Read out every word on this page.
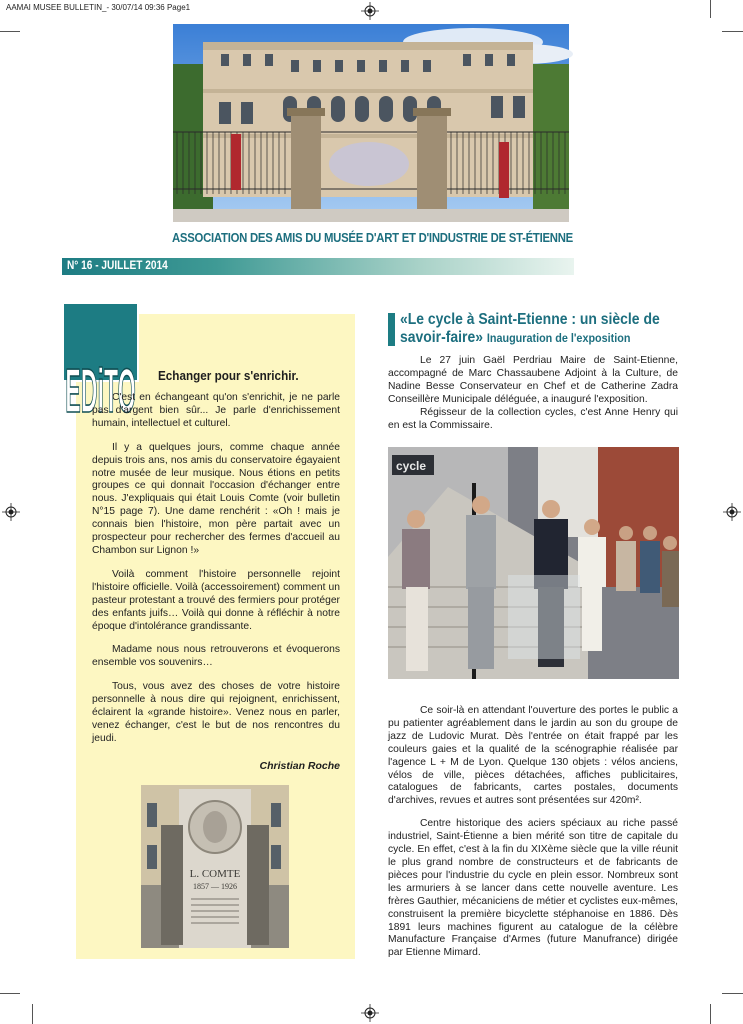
AAMAI MUSEE BULLETIN_- 30/07/14 09:36 Page1
ASSOCIATION DES AMIS DU MUSÉE D'ART ET D'INDUSTRIE DE ST-ÉTIENNE
N° 16 - JUILLET 2014
EDiTO Echanger pour s'enrichir.

C'est en échangeant qu'on s'enrichit, je ne parle pas d'argent bien sûr... Je parle d'enrichissement humain, intellectuel et culturel.

Il y a quelques jours, comme chaque année depuis trois ans, nos amis du conservatoire égayaient notre musée de leur musique. Nous étions en petits groupes ce qui donnait l'occasion d'échanger entre nous. J'expliquais qui était Louis Comte (voir bulletin N°15 page 7). Une dame renchérit : «Oh ! mais je connais bien l'histoire, mon père partait avec un prospecteur pour rechercher des fermes d'accueil au Chambon sur Lignon !»

Voilà comment l'histoire personnelle rejoint l'histoire officielle. Voilà (accessoirement) comment un pasteur protestant a trouvé des fermiers pour protéger des enfants juifs… Voilà qui donne à réfléchir à notre époque d'intolérance grandissante.

Madame nous nous retrouverons et évoquerons ensemble vos souvenirs…

Tous, vous avez des choses de votre histoire personnelle à nous dire qui rejoignent, enrichissent, éclairent la «grande histoire». Venez nous en parler, venez échanger, c'est le but de nos rencontres du jeudi.

Christian Roche
L. COMTE
1857 — 1926
«Le cycle à Saint-Etienne : un siècle de savoir-faire» Inauguration de l'exposition

Le 27 juin Gaël Perdriau Maire de Saint-Etienne, accompagné de Marc Chassaubene Adjoint à la Culture, de Nadine Besse Conservateur en Chef et de Catherine Zadra Conseillère Municipale déléguée, a inauguré l'exposition.

Régisseur de la collection cycles, c'est Anne Henry qui en est la Commissaire.

cycle

Ce soir-là en attendant l'ouverture des portes le public a pu patienter agréablement dans le jardin au son du groupe de jazz de Ludovic Murat. Dès l'entrée on était frappé par les couleurs gaies et la qualité de la scénographie réalisée par l'agence L + M de Lyon. Quelque 130 objets : vélos anciens, vélos de ville, pièces détachées, affiches publicitaires, catalogues de fabricants, cartes postales, documents d'archives, revues et autres sont présentées sur 420m².

Centre historique des aciers spéciaux au riche passé industriel, Saint-Étienne a bien mérité son titre de capitale du cycle. En effet, c'est à la fin du XIXème siècle que la ville réunit le plus grand nombre de constructeurs et de fabricants de pièces pour l'industrie du cycle en plein essor. Nombreux sont les armuriers à se lancer dans cette nouvelle aventure. Les frères Gauthier, mécaniciens de métier et cyclistes eux-mêmes, construisent la première bicyclette stéphanoise en 1886. Dès 1891 leurs machines figurent au catalogue de la célèbre Manufacture Française d'Armes (future Manufrance) dirigée par Etienne Mimard.
